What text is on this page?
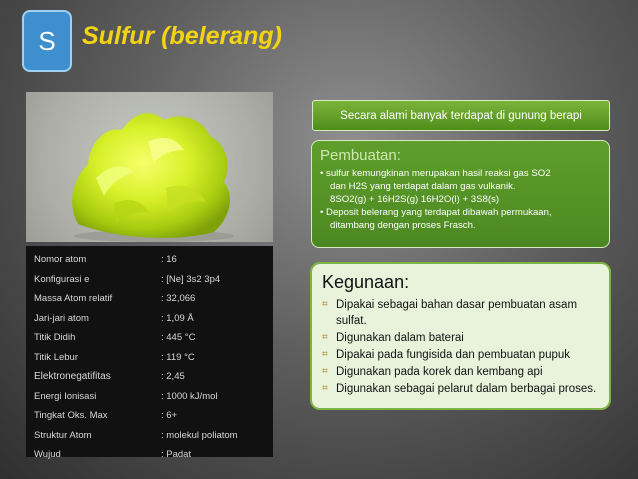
S Sulfur (belerang)
Nomor atom	: 16
Konfigurasi e	: [Ne] 3s2 3p4
Massa Atom relatif	: 32,066
Jari-jari atom	: 1,09 Å
Titik Didih	: 445 °C
Titik Lebur	: 119 °C
Elektronegatifitas	: 2,45
Energi Ionisasi	: 1000 kJ/mol
Tingkat Oks. Max	: 6+
Struktur Atom	: molekul poliatom
Wujud	: Padat
Secara alami banyak terdapat di gunung berapi
Pembuatan:
• sulfur kemungkinan merupakan hasil reaksi gas SO2
dan H2S yang terdapat dalam gas vulkanik.
8SO2(g) + 16H2S(g) 16H2O(l) + 3S8(s)
• Deposit belerang yang terdapat dibawah permukaan,
ditambang dengan proses Frasch.
Kegunaan:
⌗ Dipakai sebagai bahan dasar pembuatan asam sulfat.
⌗ Digunakan dalam baterai
⌗ Dipakai pada fungisida dan pembuatan pupuk
⌗ Digunakan pada korek dan kembang api
⌗ Digunakan sebagai pelarut dalam berbagai proses.
